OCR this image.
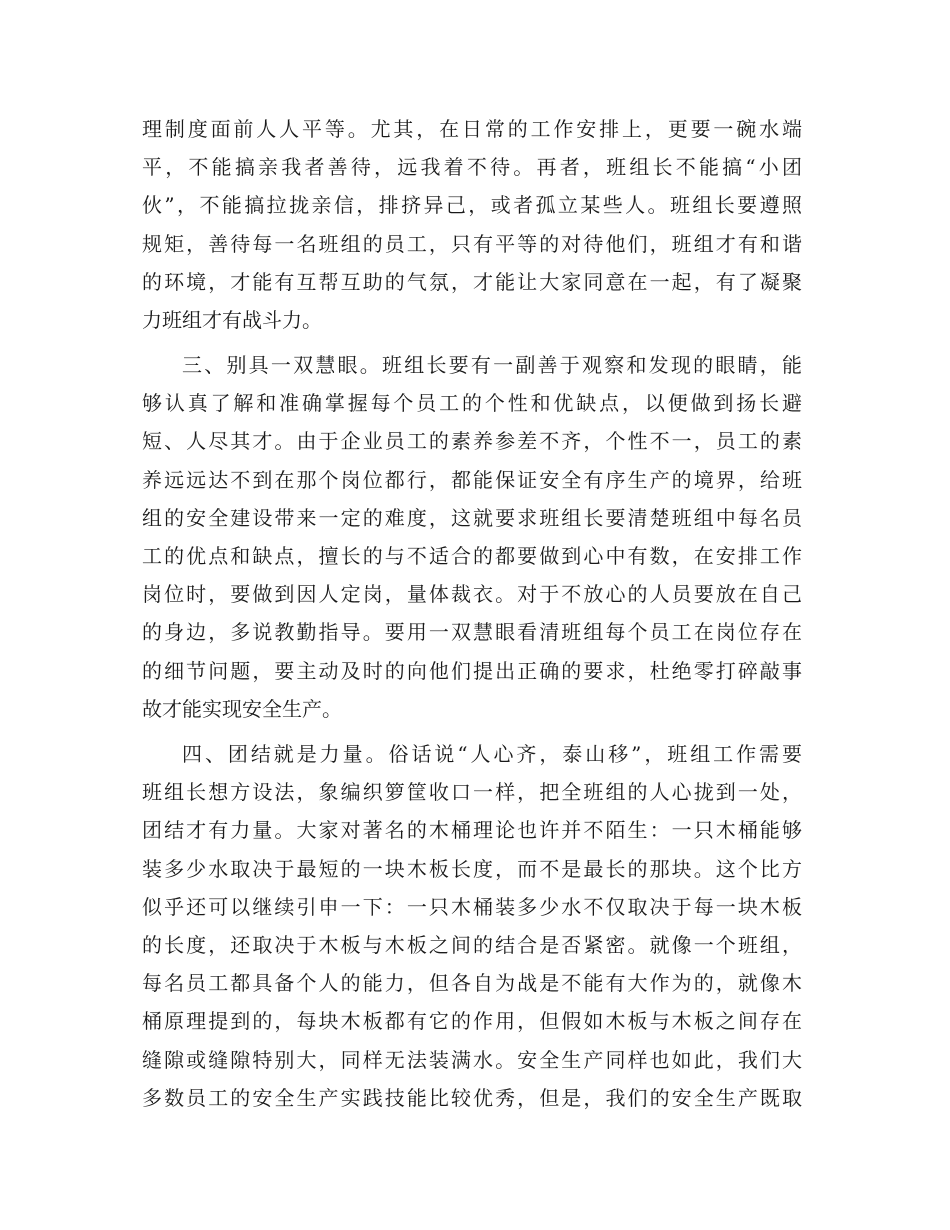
理制度面前人人平等。尤其，在日常的工作安排上，更要一碗水端
平，不能搞亲我者善待，远我着不待。再者，班组长不能搞“小团
伙”，不能搞拉拢亲信，排挤异己，或者孤立某些人。班组长要遵照
规矩，善待每一名班组的员工，只有平等的对待他们，班组才有和谐
的环境，才能有互帮互助的气氛，才能让大家同意在一起，有了凝聚
力班组才有战斗力。
三、别具一双慧眼。班组长要有一副善于观察和发现的眼睛，能
够认真了解和准确掌握每个员工的个性和优缺点，以便做到扬长避
短、人尽其才。由于企业员工的素养参差不齐，个性不一，员工的素
养远远达不到在那个岗位都行，都能保证安全有序生产的境界，给班
组的安全建设带来一定的难度，这就要求班组长要清楚班组中每名员
工的优点和缺点，擅长的与不适合的都要做到心中有数，在安排工作
岗位时，要做到因人定岗，量体裁衣。对于不放心的人员要放在自己
的身边，多说教勤指导。要用一双慧眼看清班组每个员工在岗位存在
的细节问题，要主动及时的向他们提出正确的要求，杜绝零打碎敲事
故才能实现安全生产。
四、团结就是力量。俗话说“人心齐，泰山移”，班组工作需要
班组长想方设法，象编织箩筐收口一样，把全班组的人心拢到一处，
团结才有力量。大家对著名的木桶理论也许并不陌生：一只木桶能够
装多少水取决于最短的一块木板长度，而不是最长的那块。这个比方
似乎还可以继续引申一下：一只木桶装多少水不仅取决于每一块木板
的长度，还取决于木板与木板之间的结合是否紧密。就像一个班组，
每名员工都具备个人的能力，但各自为战是不能有大作为的，就像木
桶原理提到的，每块木板都有它的作用，但假如木板与木板之间存在
缝隙或缝隙特别大，同样无法装满水。安全生产同样也如此，我们大
多数员工的安全生产实践技能比较优秀，但是，我们的安全生产既取
